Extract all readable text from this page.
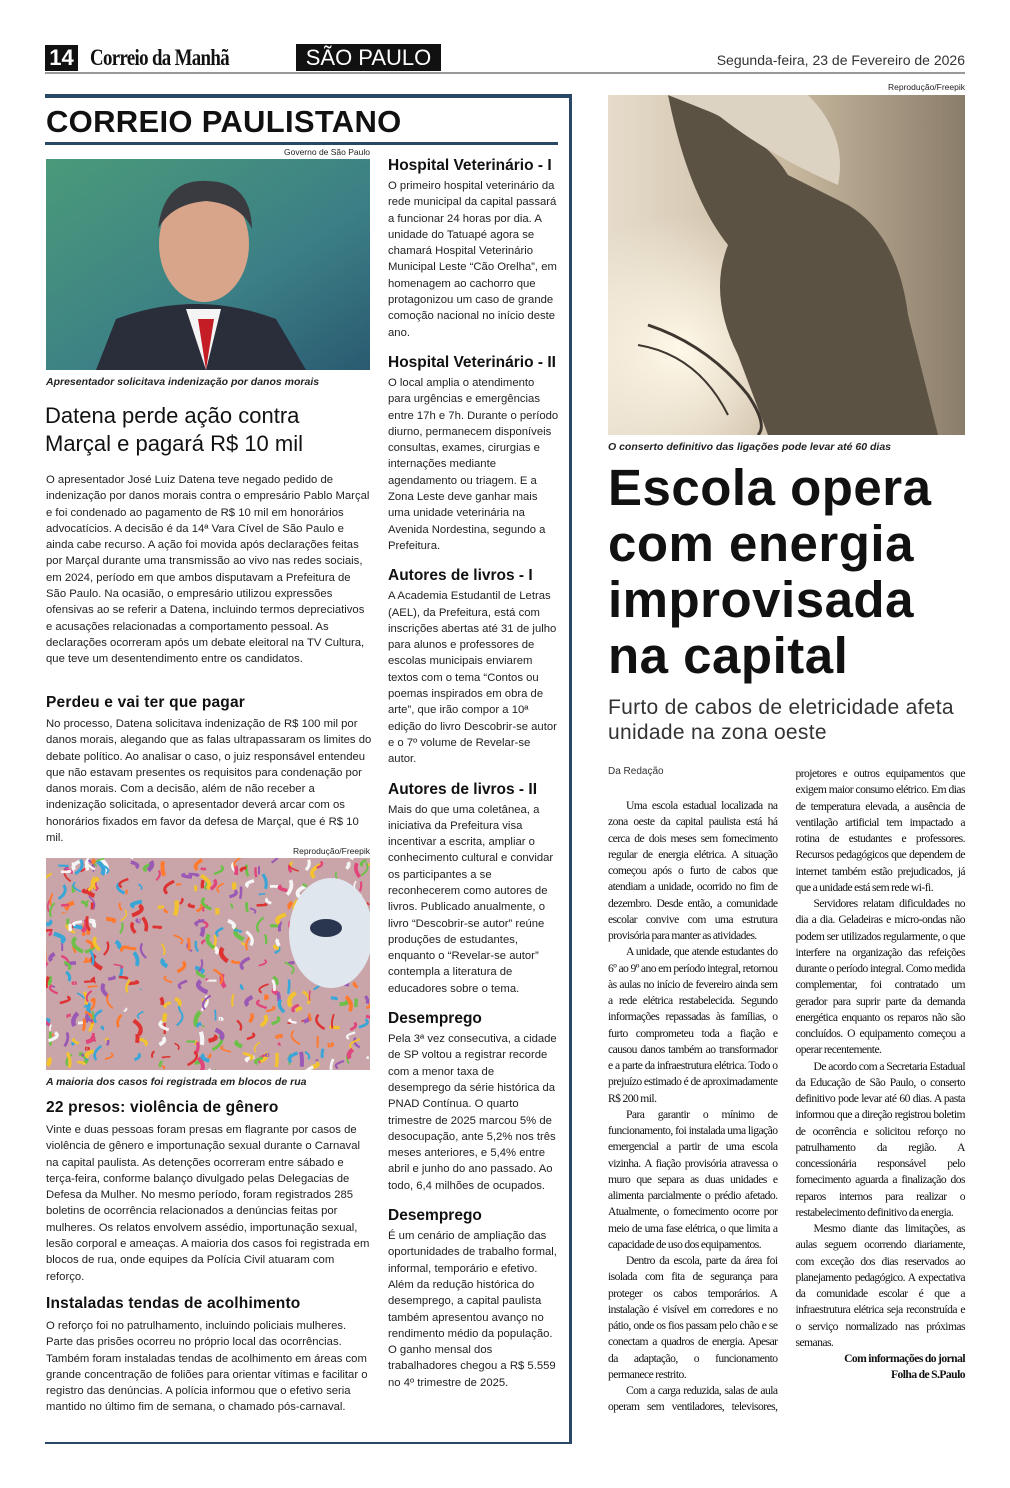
14 Correio da Manhã	SÃO PAULO	Segunda-feira, 23 de Fevereiro de 2026
CORREIO PAULISTANO
Governo de São Paulo
Apresentador solicitava indenização por danos morais
Datena perde ação contra Marçal e pagará R$ 10 mil
O apresentador José Luiz Datena teve negado pedido de indenização por danos morais contra o empresário Pablo Marçal e foi condenado ao pagamento de R$ 10 mil em honorários advocatícios. A decisão é da 14ª Vara Cível de São Paulo e ainda cabe recurso. A ação foi movida após declarações feitas por Marçal durante uma transmissão ao vivo nas redes sociais, em 2024, período em que ambos disputavam a Prefeitura de São Paulo. Na ocasião, o empresário utilizou expressões ofensivas ao se referir a Datena, incluindo termos depreciativos e acusações relacionadas a comportamento pessoal. As declarações ocorreram após um debate eleitoral na TV Cultura, que teve um desentendimento entre os candidatos.
Perdeu e vai ter que pagar
No processo, Datena solicitava indenização de R$ 100 mil por danos morais, alegando que as falas ultrapassaram os limites do debate político. Ao analisar o caso, o juiz responsável entendeu que não estavam presentes os requisitos para condenação por danos morais. Com a decisão, além de não receber a indenização solicitada, o apresentador deverá arcar com os honorários fixados em favor da defesa de Marçal, que é R$ 10 mil.
Reprodução/Freepik
A maioria dos casos foi registrada em blocos de rua
22 presos: violência de gênero
Vinte e duas pessoas foram presas em flagrante por casos de violência de gênero e importunação sexual durante o Carnaval na capital paulista. As detenções ocorreram entre sábado e terça-feira, conforme balanço divulgado pelas Delegacias de Defesa da Mulher. No mesmo período, foram registrados 285 boletins de ocorrência relacionados a denúncias feitas por mulheres. Os relatos envolvem assédio, importunação sexual, lesão corporal e ameaças. A maioria dos casos foi registrada em blocos de rua, onde equipes da Polícia Civil atuaram com reforço.
Instaladas tendas de acolhimento
O reforço foi no patrulhamento, incluindo policiais mulheres. Parte das prisões ocorreu no próprio local das ocorrências. Também foram instaladas tendas de acolhimento em áreas com grande concentração de foliões para orientar vítimas e facilitar o registro das denúncias. A polícia informou que o efetivo seria mantido no último fim de semana, o chamado pós-carnaval.
Hospital Veterinário - I
O primeiro hospital veterinário da rede municipal da capital passará a funcionar 24 horas por dia. A unidade do Tatuapé agora se chamará Hospital Veterinário Municipal Leste “Cão Orelha”, em homenagem ao cachorro que protagonizou um caso de grande comoção nacional no início deste ano.
Hospital Veterinário - II
O local amplia o atendimento para urgências e emergências entre 17h e 7h. Durante o período diurno, permanecem disponíveis consultas, exames, cirurgias e internações mediante agendamento ou triagem. E a Zona Leste deve ganhar mais uma unidade veterinária na Avenida Nordestina, segundo a Prefeitura.
Autores de livros - I
A Academia Estudantil de Letras (AEL), da Prefeitura, está com inscrições abertas até 31 de julho para alunos e professores de escolas municipais enviarem textos com o tema “Contos ou poemas inspirados em obra de arte”, que irão compor a 10ª edição do livro Descobrir-se autor e o 7º volume de Revelar-se autor.
Autores de livros - II
Mais do que uma coletânea, a iniciativa da Prefeitura visa incentivar a escrita, ampliar o conhecimento cultural e convidar os participantes a se reconhecerem como autores de livros. Publicado anualmente, o livro “Descobrir-se autor” reúne produções de estudantes, enquanto o “Revelar-se autor” contempla a literatura de educadores sobre o tema.
Desemprego
Pela 3ª vez consecutiva, a cidade de SP voltou a registrar recorde com a menor taxa de desemprego da série histórica da PNAD Contínua. O quarto trimestre de 2025 marcou 5% de desocupação, ante 5,2% nos três meses anteriores, e 5,4% entre abril e junho do ano passado. Ao todo, 6,4 milhões de ocupados.
Desemprego
É um cenário de ampliação das oportunidades de trabalho formal, informal, temporário e efetivo. Além da redução histórica do desemprego, a capital paulista também apresentou avanço no rendimento médio da população. O ganho mensal dos trabalhadores chegou a R$ 5.559 no 4º trimestre de 2025.
Reprodução/Freepik
O conserto definitivo das ligações pode levar até 60 dias
Escola opera com energia improvisada na capital
Furto de cabos de eletricidade afeta unidade na zona oeste
Da Redação

Uma escola estadual localizada na zona oeste da capital paulista está há cerca de dois meses sem fornecimento regular de energia elétrica. A situação começou após o furto de cabos que atendiam a unidade, ocorrido no fim de dezembro. Desde então, a comunidade escolar convive com uma estrutura provisória para manter as atividades.

A unidade, que atende estudantes do 6º ao 9º ano em período integral, retornou às aulas no início de fevereiro ainda sem a rede elétrica restabelecida. Segundo informações repassadas às famílias, o furto comprometeu toda a fiação e causou danos também ao transformador e a parte da infraestrutura elétrica. Todo o prejuízo estimado é de aproximadamente R$ 200 mil.

Para garantir o mínimo de funcionamento, foi instalada uma ligação emergencial a partir de uma escola vizinha. A fiação provisória atravessa o muro que separa as duas unidades e alimenta parcialmente o prédio afetado. Atualmente, o fornecimento ocorre por meio de uma fase elétrica, o que limita a capacidade de uso dos equipamentos.

Dentro da escola, parte da área foi isolada com fita de segurança para proteger os cabos temporários. A instalação é visível em corredores e no pátio, onde os fios passam pelo chão e se conectam a quadros de energia. Apesar da adaptação, o funcionamento permanece restrito.

Com a carga reduzida, salas de aula operam sem ventiladores, televisores, projetores e outros equipamentos que exigem maior consumo elétrico. Em dias de temperatura elevada, a ausência de ventilação artificial tem impactado a rotina de estudantes e professores. Recursos pedagógicos que dependem de internet também estão prejudicados, já que a unidade está sem rede wi-fi.

Servidores relatam dificuldades no dia a dia. Geladeiras e micro-ondas não podem ser utilizados regularmente, o que interfere na organização das refeições durante o período integral. Como medida complementar, foi contratado um gerador para suprir parte da demanda energética enquanto os reparos não são concluídos. O equipamento começou a operar recentemente.

De acordo com a Secretaria Estadual da Educação de São Paulo, o conserto definitivo pode levar até 60 dias. A pasta informou que a direção registrou boletim de ocorrência e solicitou reforço no patrulhamento da região. A concessionária responsável pelo fornecimento aguarda a finalização dos reparos internos para realizar o restabelecimento definitivo da energia.

Mesmo diante das limitações, as aulas seguem ocorrendo diariamente, com exceção dos dias reservados ao planejamento pedagógico. A expectativa da comunidade escolar é que a infraestrutura elétrica seja reconstruída e o serviço normalizado nas próximas semanas.

Com informações do jornal

Folha de S.Paulo
